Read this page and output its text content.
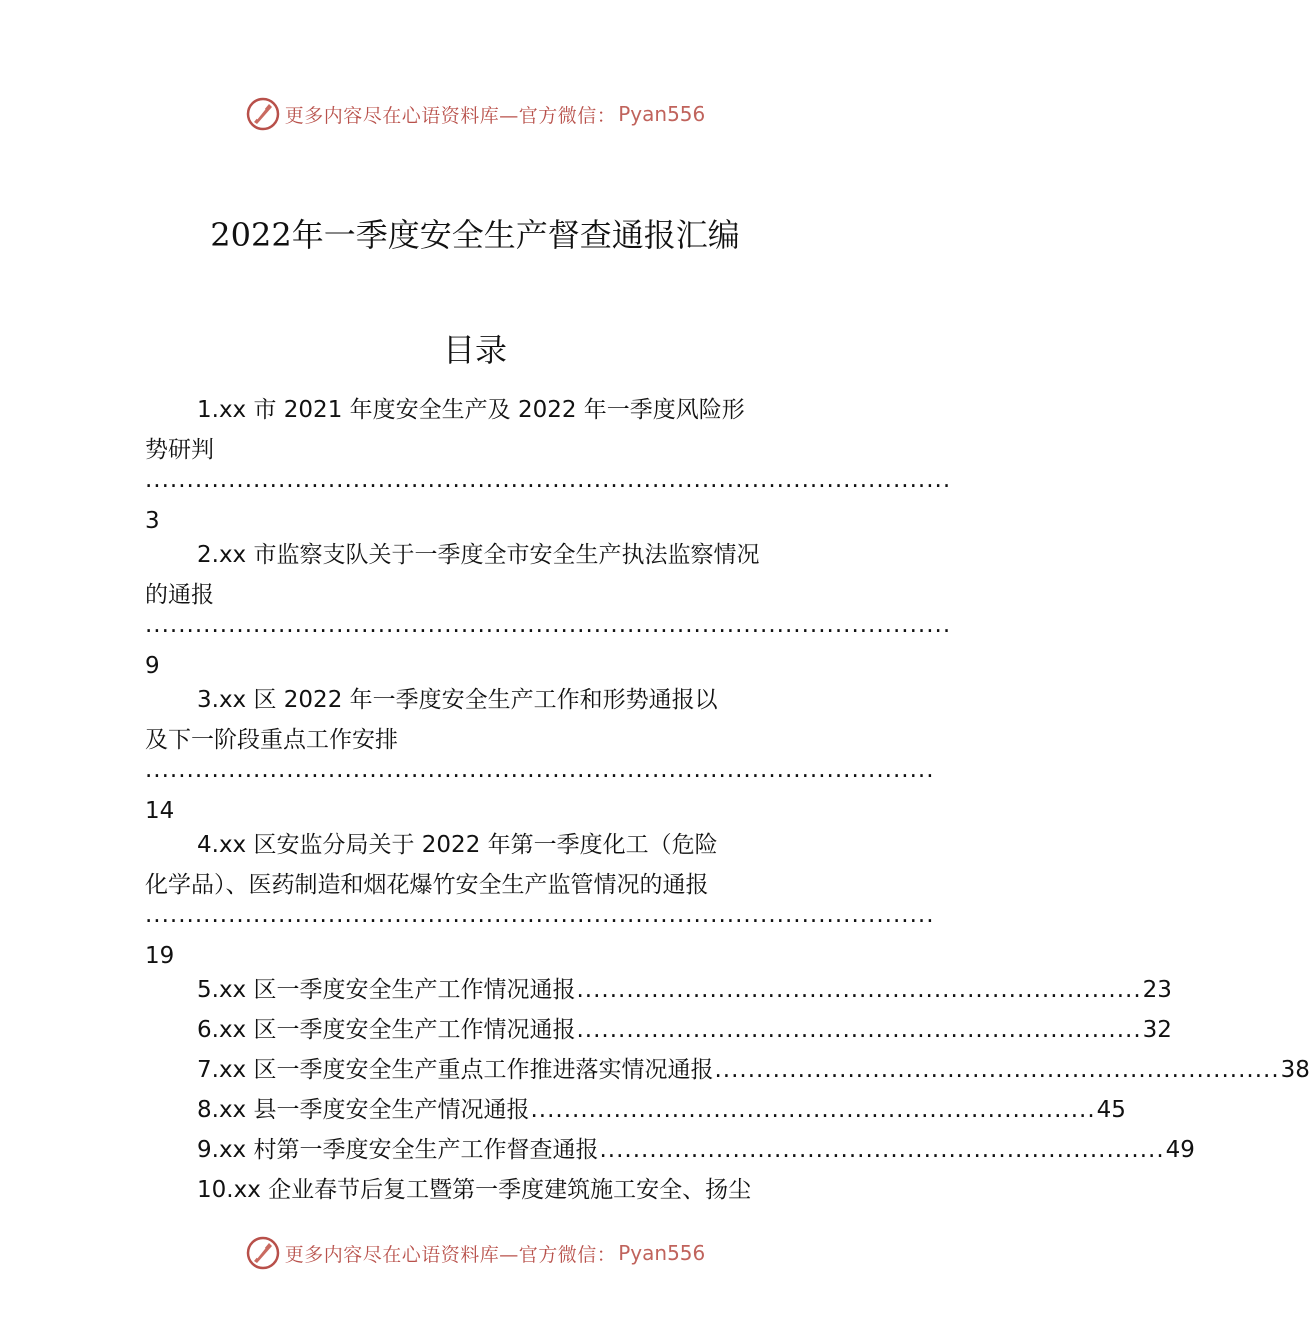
更多内容尽在心语资料库—官方微信： Pyan556
2022年一季度安全生产督查通报汇编
目录
1.xx 市 2021 年度安全生产及 2022 年一季度风险形
势研判
.................................................................................................
3
2.xx 市监察支队关于一季度全市安全生产执法监察情况
的通报
.................................................................................................
9
3.xx 区 2022 年一季度安全生产工作和形势通报以
及下一阶段重点工作安排
...............................................................................................
14
4.xx 区安监分局关于 2022 年第一季度化工（危险
化学品）、医药制造和烟花爆竹安全生产监管情况的通报
...............................................................................................
19
5.xx 区一季度安全生产工作情况通报 .................................................................... 23
6.xx 区一季度安全生产工作情况通报 .................................................................... 32
7.xx 区一季度安全生产重点工作推进落实情况通报 .................................................................... 38
8.xx 县一季度安全生产情况通报 .................................................................... 45
9.xx 村第一季度安全生产工作督查通报 .................................................................... 49
10.xx 企业春节后复工暨第一季度建筑施工安全、扬尘
更多内容尽在心语资料库—官方微信： Pyan556
